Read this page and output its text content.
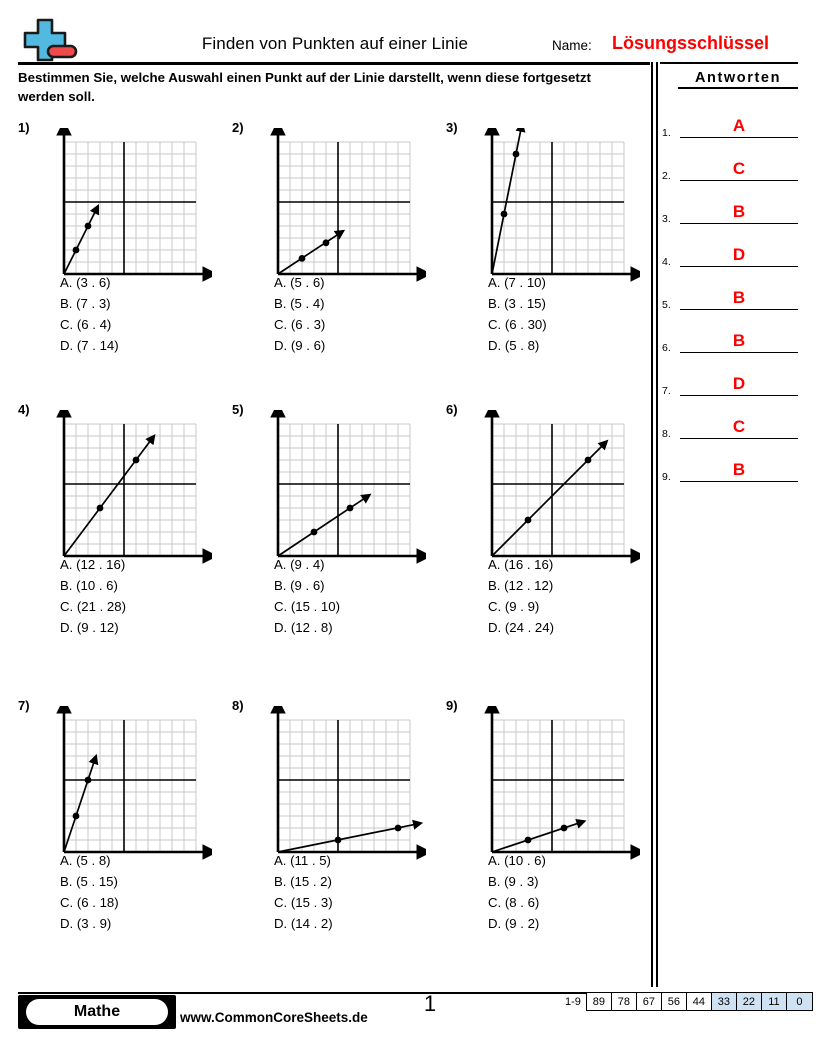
Finden von Punkten auf einer Linie	Name: Lösungsschlüssel
Bestimmen Sie, welche Auswahl einen Punkt auf der Linie darstellt, wenn diese fortgesetzt werden soll.
Antworten
1.	A
2.	C
3.	B
4.	D
5.	B
6.	B
7.	D
8.	C
9.	B
1)
A. (3 . 6)
B. (7 . 3)
C. (6 . 4)
D. (7 . 14)
2)
A. (5 . 6)
B. (5 . 4)
C. (6 . 3)
D. (9 . 6)
3)
A. (7 . 10)
B. (3 . 15)
C. (6 . 30)
D. (5 . 8)
4)
A. (12 . 16)
B. (10 . 6)
C. (21 . 28)
D. (9 . 12)
5)
A. (9 . 4)
B. (9 . 6)
C. (15 . 10)
D. (12 . 8)
6)
A. (16 . 16)
B. (12 . 12)
C. (9 . 9)
D. (24 . 24)
7)
A. (5 . 8)
B. (5 . 15)
C. (6 . 18)
D. (3 . 9)
8)
A. (11 . 5)
B. (15 . 2)
C. (15 . 3)
D. (14 . 2)
9)
A. (10 . 6)
B. (9 . 3)
C. (8 . 6)
D. (9 . 2)
Mathe	www.CommonCoreSheets.de
1	1-9	89	78	67	56	44	33	22	11	0
